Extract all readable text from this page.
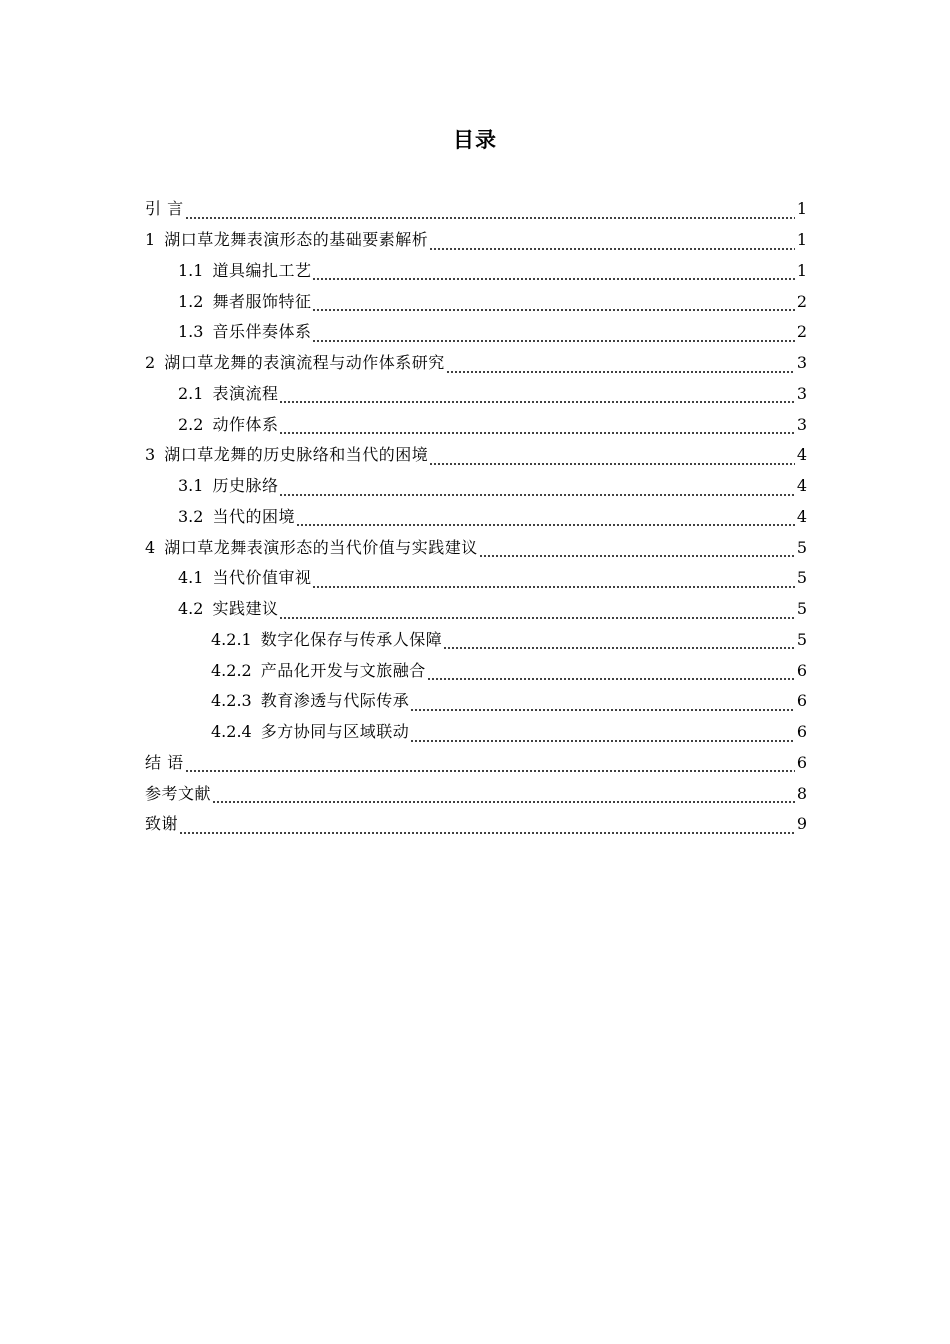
目录
引 言	1
1 湖口草龙舞表演形态的基础要素解析	1
1.1 道具编扎工艺	1
1.2 舞者服饰特征	2
1.3 音乐伴奏体系	2
2 湖口草龙舞的表演流程与动作体系研究	3
2.1 表演流程	3
2.2 动作体系	3
3 湖口草龙舞的历史脉络和当代的困境	4
3.1 历史脉络	4
3.2 当代的困境	4
4 湖口草龙舞表演形态的当代价值与实践建议	5
4.1 当代价值审视	5
4.2 实践建议	5
4.2.1 数字化保存与传承人保障	5
4.2.2 产品化开发与文旅融合	6
4.2.3 教育渗透与代际传承	6
4.2.4 多方协同与区域联动	6
结 语	6
参考文献	8
致谢	9
